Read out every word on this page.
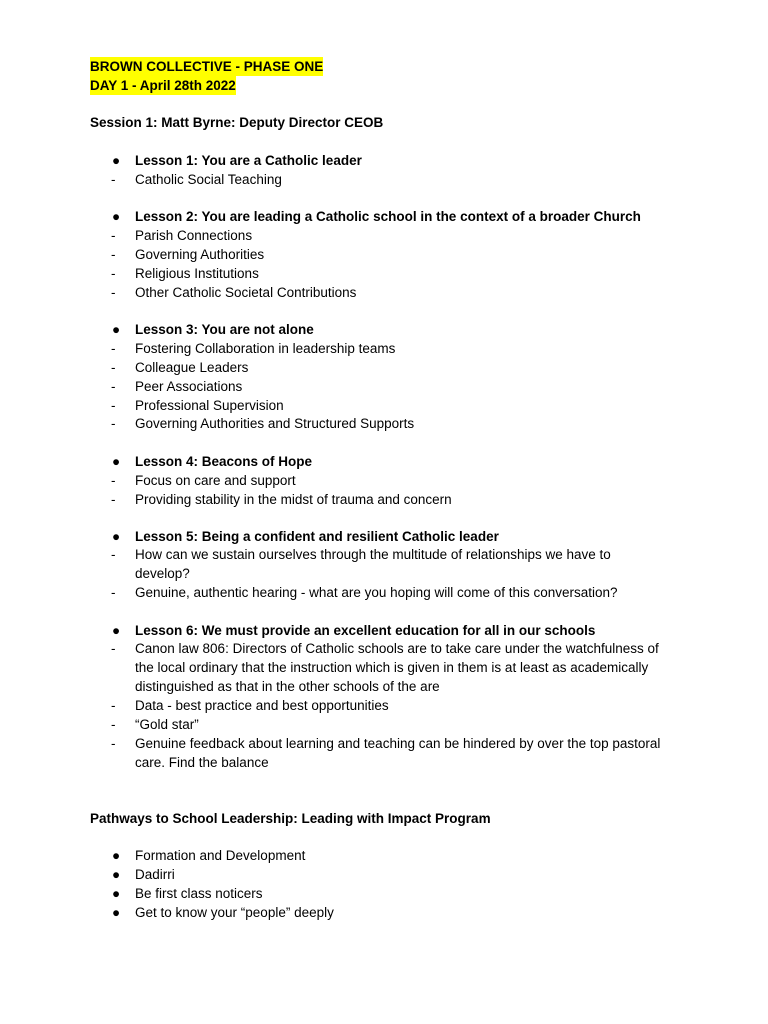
BROWN COLLECTIVE - PHASE ONE
DAY 1 - April 28th 2022
Session 1: Matt Byrne: Deputy Director CEOB
● Lesson 1: You are a Catholic leader
- Catholic Social Teaching
● Lesson 2: You are leading a Catholic school in the context of a broader Church
- Parish Connections
- Governing Authorities
- Religious Institutions
- Other Catholic Societal Contributions
● Lesson 3: You are not alone
- Fostering Collaboration in leadership teams
- Colleague Leaders
- Peer Associations
- Professional Supervision
- Governing Authorities and Structured Supports
● Lesson 4: Beacons of Hope
- Focus on care and support
- Providing stability in the midst of trauma and concern
● Lesson 5: Being a confident and resilient Catholic leader
- How can we sustain ourselves through the multitude of relationships we have to
develop?
- Genuine, authentic hearing - what are you hoping will come of this conversation?
● Lesson 6: We must provide an excellent education for all in our schools
- Canon law 806: Directors of Catholic schools are to take care under the watchfulness of
the local ordinary that the instruction which is given in them is at least as academically
distinguished as that in the other schools of the are
- Data - best practice and best opportunities
- “Gold star”
- Genuine feedback about learning and teaching can be hindered by over the top pastoral
care. Find the balance
Pathways to School Leadership: Leading with Impact Program
● Formation and Development
● Dadirri
● Be first class noticers
● Get to know your “people” deeply
